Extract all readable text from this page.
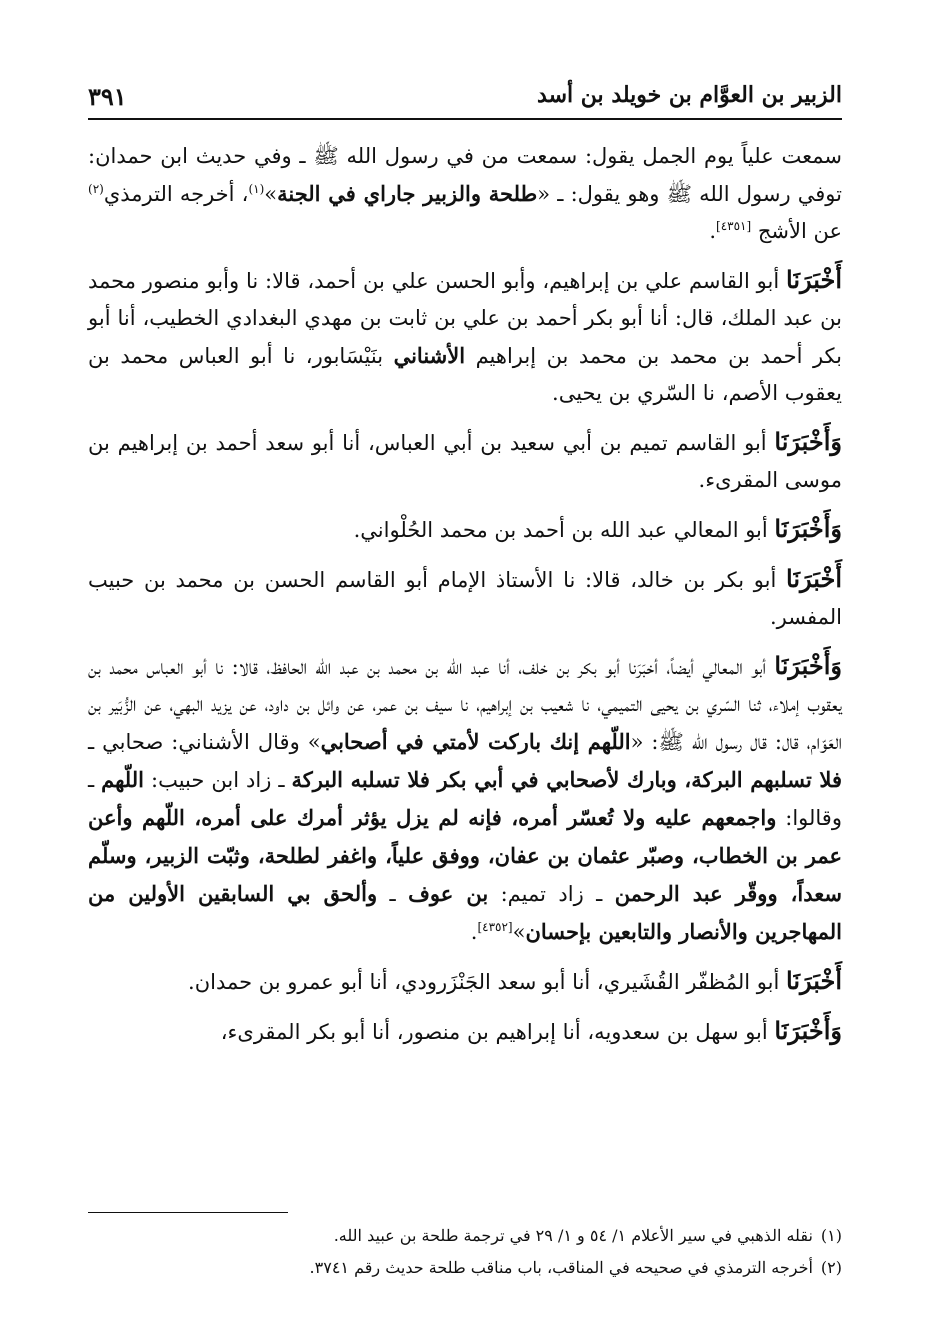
الزبير بن العوَّام بن خويلد بن أسد
٣٩١

سمعت علياً يوم الجمل يقول: سمعت من في رسول الله ﷺ ـ وفي حديث ابن حمدان: توفي رسول الله ﷺ وهو يقول: ـ «طلحة والزبير جاراي في الجنة»$^{(١)}$، أخرجه الترمذي$^{(٢)}$ عن الأشج [٤٣٥١].

أَخْبَرَنَا أبو القاسم علي بن إبراهيم، وأبو الحسن علي بن أحمد، قالا: نا وأبو منصور محمد بن عبد الملك، قال: أنا أبو بكر أحمد بن علي بن ثابت بن مهدي البغدادي الخطيب، أنا أبو بكر أحمد بن محمد بن محمد بن إبراهيم الأشناني بنَيْسَابور، نا أبو العباس محمد بن يعقوب الأصم، نا السّري بن يحيى.

وَأَخْبَرَنَا أبو القاسم تميم بن أبي سعيد بن أبي العباس، أنا أبو سعد أحمد بن إبراهيم بن موسى المقرىء.

وَأَخْبَرَنَا أبو المعالي عبد الله بن أحمد بن محمد الحُلْواني.

أَخْبَرَنَا أبو بكر بن خالد، قالا: نا الأستاذ الإمام أبو القاسم الحسن بن محمد بن حبيب المفسر.

وَأَخْبَرَنَا أبو المعالي أيضاً، أخبَرَنا أبو بكر بن خلف، أنا عبد الله بن محمد بن عبد الله الحافظ، قالا: نا أبو العباس محمد بن يعقوب إملاء، ثنا السّري بن يحيى التميمي، نا شعيب بن إبراهيم، نا سيف بن عمر، عن وائل بن داود، عن يزيد البهي، عن الزُّبَير بن العَوّام، قال: قال رسول الله ﷺ: «اللّهم إنك باركت لأمتي في أصحابي» وقال الأشناني: صحابي ـ فلا تسلبهم البركة، وبارك لأصحابي في أبي بكر فلا تسلبه البركة ـ زاد ابن حبيب: اللّهم ـ وقالوا: واجمعهم عليه ولا تُعسّر أمره، فإنه لم يزل يؤثر أمرك على أمره، اللّهم وأعن عمر بن الخطاب، وصبّر عثمان بن عفان، ووفق علياً، واغفر لطلحة، وثبّت الزبير، وسلّم سعداً، ووقّر عبد الرحمن ـ زاد تميم: بن عوف ـ وألحق بي السابقين الأولين من المهاجرين والأنصار والتابعين بإحسان»[٤٣٥٢].

أَخْبَرَنَا أبو المُظفّر القُشَيري، أنا أبو سعد الجَنْزَرودي، أنا أبو عمرو بن حمدان.

وَأَخْبَرَنَا أبو سهل بن سعدويه، أنا إبراهيم بن منصور، أنا أبو بكر المقرىء،

(١)نقله الذهبي في سير الأعلام ١/ ٥٤ و ١/ ٢٩ في ترجمة طلحة بن عبيد الله.

(٢)أخرجه الترمذي في صحيحه في المناقب، باب مناقب طلحة حديث رقم ٣٧٤١.
